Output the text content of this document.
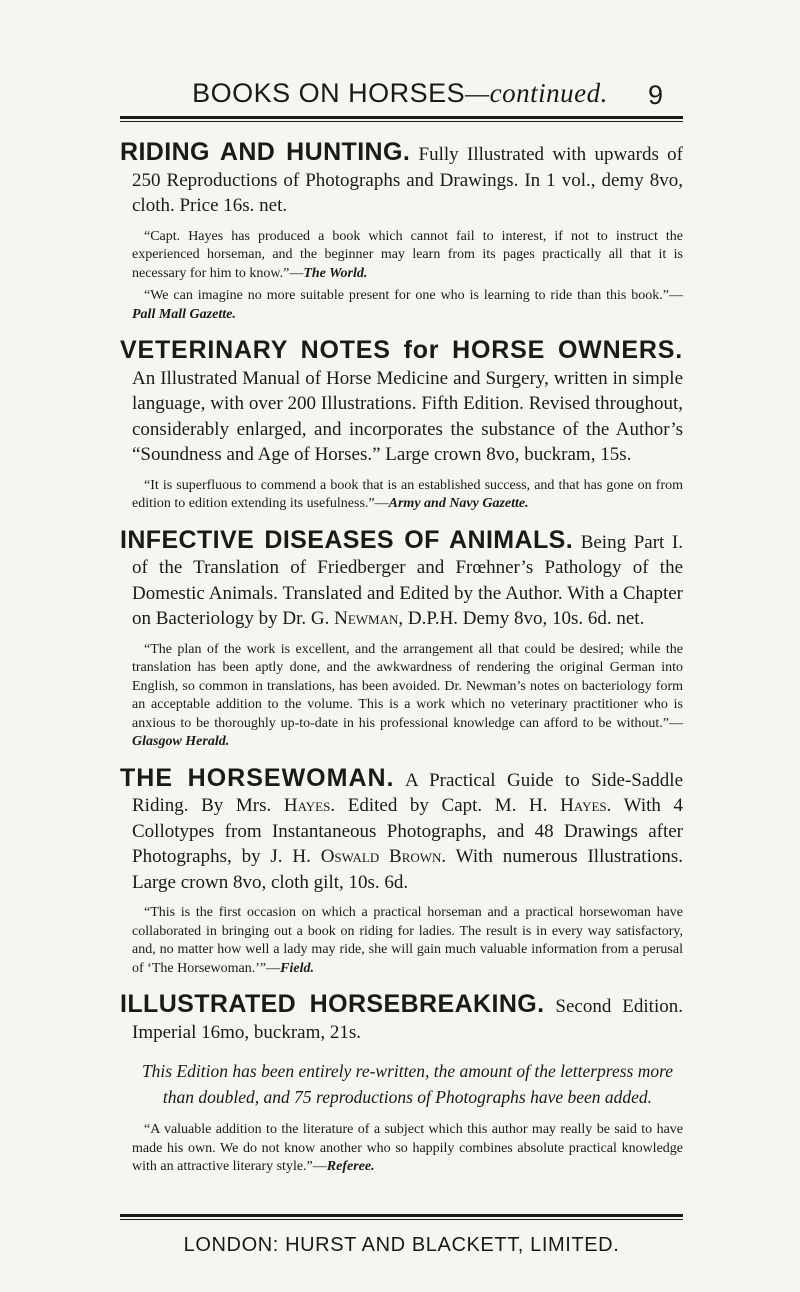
BOOKS ON HORSES—continued.	9

RIDING AND HUNTING. Fully Illustrated with upwards of 250 Reproductions of Photographs and Drawings. In 1 vol., demy 8vo, cloth. Price 16s. net.

“Capt. Hayes has produced a book which cannot fail to interest, if not to instruct the experienced horseman, and the beginner may learn from its pages practically all that it is necessary for him to know.”—The World.

“We can imagine no more suitable present for one who is learning to ride than this book.”—Pall Mall Gazette.

VETERINARY NOTES for HORSE OWNERS. An Illustrated Manual of Horse Medicine and Surgery, written in simple language, with over 200 Illustrations. Fifth Edition. Revised throughout, considerably enlarged, and incorporates the substance of the Author’s “Soundness and Age of Horses.” Large crown 8vo, buckram, 15s.

“It is superfluous to commend a book that is an established success, and that has gone on from edition to edition extending its usefulness.”—Army and Navy Gazette.

INFECTIVE DISEASES OF ANIMALS. Being Part I. of the Translation of Friedberger and Frœhner’s Pathology of the Domestic Animals. Translated and Edited by the Author. With a Chapter on Bacteriology by Dr. G. Newman, D.P.H. Demy 8vo, 10s. 6d. net.

“The plan of the work is excellent, and the arrangement all that could be desired; while the translation has been aptly done, and the awkwardness of rendering the original German into English, so common in translations, has been avoided. Dr. Newman’s notes on bacteriology form an acceptable addition to the volume. This is a work which no veterinary practitioner who is anxious to be thoroughly up-to-date in his professional knowledge can afford to be without.”—Glasgow Herald.

THE HORSEWOMAN. A Practical Guide to Side-Saddle Riding. By Mrs. Hayes. Edited by Capt. M. H. Hayes. With 4 Collotypes from Instantaneous Photographs, and 48 Drawings after Photographs, by J. H. Oswald Brown. With numerous Illustrations. Large crown 8vo, cloth gilt, 10s. 6d.

“This is the first occasion on which a practical horseman and a practical horsewoman have collaborated in bringing out a book on riding for ladies. The result is in every way satisfactory, and, no matter how well a lady may ride, she will gain much valuable information from a perusal of ‘The Horsewoman.’”—Field.

ILLUSTRATED HORSEBREAKING. Second Edition. Imperial 16mo, buckram, 21s.

This Edition has been entirely re-written, the amount of the letterpress more than doubled, and 75 reproductions of Photographs have been added.

“A valuable addition to the literature of a subject which this author may really be said to have made his own. We do not know another who so happily combines absolute practical knowledge with an attractive literary style.”—Referee.

LONDON: HURST AND BLACKETT, LIMITED.
